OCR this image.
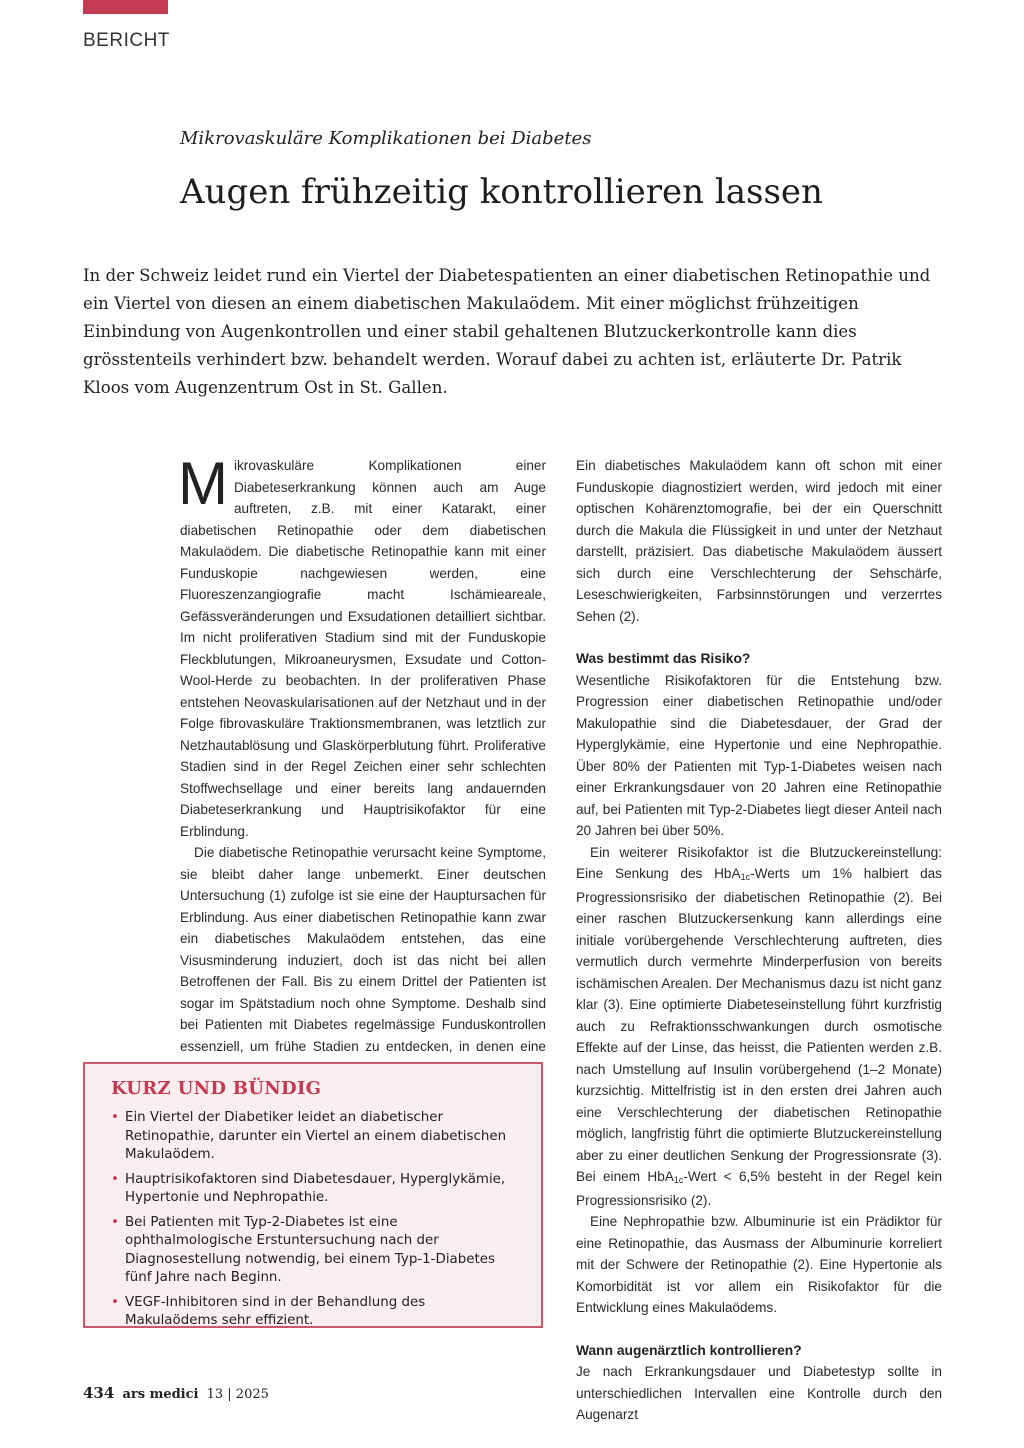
BERICHT
Mikrovaskuläre Komplikationen bei Diabetes
Augen frühzeitig kontrollieren lassen

In der Schweiz leidet rund ein Viertel der Diabetespatienten an einer diabetischen Retinopathie und ein Viertel von diesen an einem diabetischen Makulaödem. Mit einer möglichst frühzeitigen Einbindung von Augenkontrollen und einer stabil gehaltenen Blutzuckerkontrolle kann dies grösstenteils verhindert bzw. behandelt werden. Worauf dabei zu achten ist, erläuterte Dr. Patrik Kloos vom Augenzentrum Ost in St. Gallen.

Mikrovaskuläre Komplikationen einer Diabeteserkrankung können auch am Auge auftreten, z.B. mit einer Katarakt, einer diabetischen Retinopathie oder dem diabetischen Makulaödem. Die diabetische Retinopathie kann mit einer Funduskopie nachgewiesen werden, eine Fluoreszenzangiografie macht Ischämieareale, Gefässveränderungen und Exsudationen detailliert sichtbar. Im nicht proliferativen Stadium sind mit der Funduskopie Fleckblutungen, Mikroaneurysmen, Exsudate und Cotton-Wool-Herde zu beobachten. In der proliferativen Phase entstehen Neovaskularisationen auf der Netzhaut und in der Folge fibrovaskuläre Traktionsmembranen, was letztlich zur Netzhautablösung und Glaskörperblutung führt. Proliferative Stadien sind in der Regel Zeichen einer sehr schlechten Stoffwechsellage und einer bereits lang andauernden Diabeteserkrankung und Hauptrisikofaktor für eine Erblindung.

Die diabetische Retinopathie verursacht keine Symptome, sie bleibt daher lange unbemerkt. Einer deutschen Untersuchung (1) zufolge ist sie eine der Hauptursachen für Erblindung. Aus einer diabetischen Retinopathie kann zwar ein diabetisches Makulaödem entstehen, das eine Visusminderung induziert, doch ist das nicht bei allen Betroffenen der Fall. Bis zu einem Drittel der Patienten ist sogar im Spätstadium noch ohne Symptome. Deshalb sind bei Patienten mit Diabetes regelmässige Funduskontrollen essenziell, um frühe Stadien zu entdecken, in denen eine

Ein diabetisches Makulaödem kann oft schon mit einer Funduskopie diagnostiziert werden, wird jedoch mit einer optischen Kohärenztomografie, bei der ein Querschnitt durch die Makula die Flüssigkeit in und unter der Netzhaut darstellt, präzisiert. Das diabetische Makulaödem äussert sich durch eine Verschlechterung der Sehschärfe, Leseschwierigkeiten, Farbsinnstörungen und verzerrtes Sehen (2).

Was bestimmt das Risiko?

Wesentliche Risikofaktoren für die Entstehung bzw. Progression einer diabetischen Retinopathie und/oder Makulopathie sind die Diabetesdauer, der Grad der Hyperglykämie, eine Hypertonie und eine Nephropathie. Über 80% der Patienten mit Typ-1-Diabetes weisen nach einer Erkrankungsdauer von 20 Jahren eine Retinopathie auf, bei Patienten mit Typ-2-Diabetes liegt dieser Anteil nach 20 Jahren bei über 50%.

Ein weiterer Risikofaktor ist die Blutzuckereinstellung: Eine Senkung des HbA$_{1c}$-Werts um 1% halbiert das Progressionsrisiko der diabetischen Retinopathie (2). Bei einer raschen Blutzuckersenkung kann allerdings eine initiale vorübergehende Verschlechterung auftreten, dies vermutlich durch vermehrte Minderperfusion von bereits ischämischen Arealen. Der Mechanismus dazu ist nicht ganz klar (3). Eine optimierte Diabeteseinstellung führt kurzfristig auch zu Refraktionsschwankungen durch osmotische Effekte auf der Linse, das heisst, die Patienten werden z.B. nach Umstellung auf Insulin vorübergehend (1–2 Monate) kurzsichtig. Mittelfristig ist in den ersten drei Jahren auch eine Verschlechterung der diabetischen Retinopathie möglich, langfristig führt die optimierte Blutzuckereinstellung aber zu einer deutlichen Senkung der Progressionsrate (3). Bei einem HbA$_{1c}$-Wert < 6,5% besteht in der Regel kein Progressionsrisiko (2).

Eine Nephropathie bzw. Albuminurie ist ein Prädiktor für eine Retinopathie, das Ausmass der Albuminurie korreliert mit der Schwere der Retinopathie (2). Eine Hypertonie als Komorbidität ist vor allem ein Risikofaktor für die Entwicklung eines Makulaödems.

Wann augenärztlich kontrollieren?

Je nach Erkrankungsdauer und Diabetestyp sollte in unterschiedlichen Intervallen eine Kontrolle durch den Augenarzt

KURZ UND BÜNDIG
• Ein Viertel der Diabetiker leidet an diabetischer Retinopathie, darunter ein Viertel an einem diabetischen Makulaödem.
• Hauptrisikofaktoren sind Diabetesdauer, Hyperglykämie, Hypertonie und Nephropathie.
• Bei Patienten mit Typ-2-Diabetes ist eine ophthalmologische Erstuntersuchung nach der Diagnosestellung notwendig, bei einem Typ-1-Diabetes fünf Jahre nach Beginn.
• VEGF-Inhibitoren sind in der Behandlung des Makulaödems sehr effizient.
434 ars medici 13 | 2025
